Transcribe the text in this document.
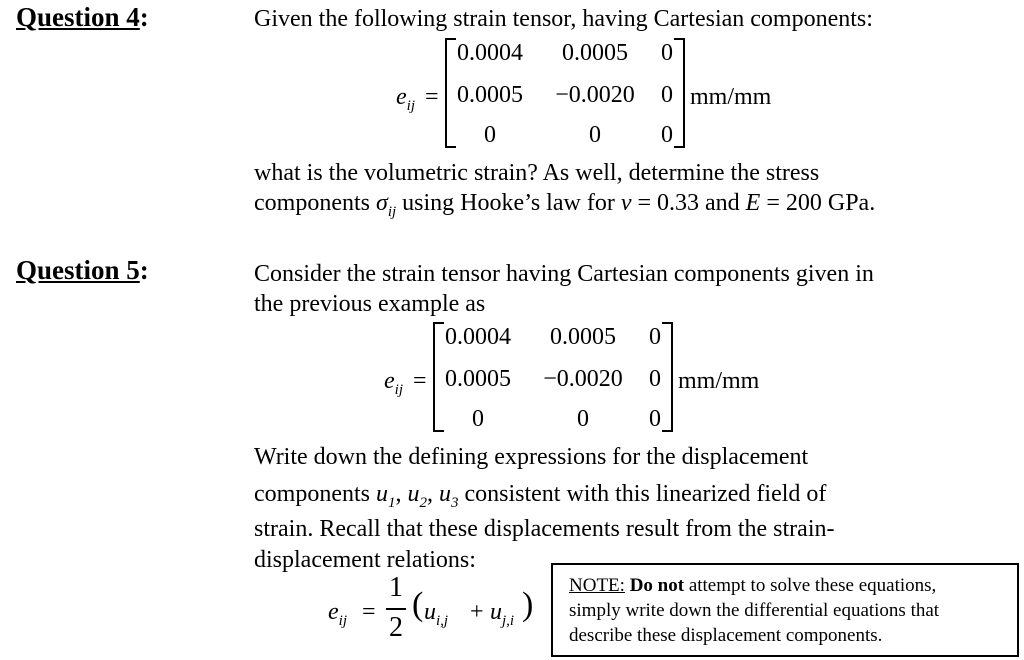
Question 4:	Given the following strain tensor, having Cartesian components:
$e_{ij}$ =
0.0004	0.0005	0
0.0005	−0.0020	0
0	0	0
mm/mm
what is the volumetric strain? As well, determine the stress
components $\sigma_{ij}$ using Hooke’s law for v = 0.33 and E = 200 GPa.
Question 5:	Consider the strain tensor having Cartesian components given in
the previous example as
$e_{ij}$ =
0.0004	0.0005	0
0.0005	−0.0020	0
0	0	0
mm/mm
Write down the defining expressions for the displacement
components $u_1$, $u_2$, $u_3$ consistent with this linearized field of
strain. Recall that these displacements result from the strain-
displacement relations:
$e_{ij}$ =
1
2
( $u_{i,j} + u_{j,i}$ )
NOTE: Do not attempt to solve these equations,
simply write down the differential equations that
describe these displacement components.
